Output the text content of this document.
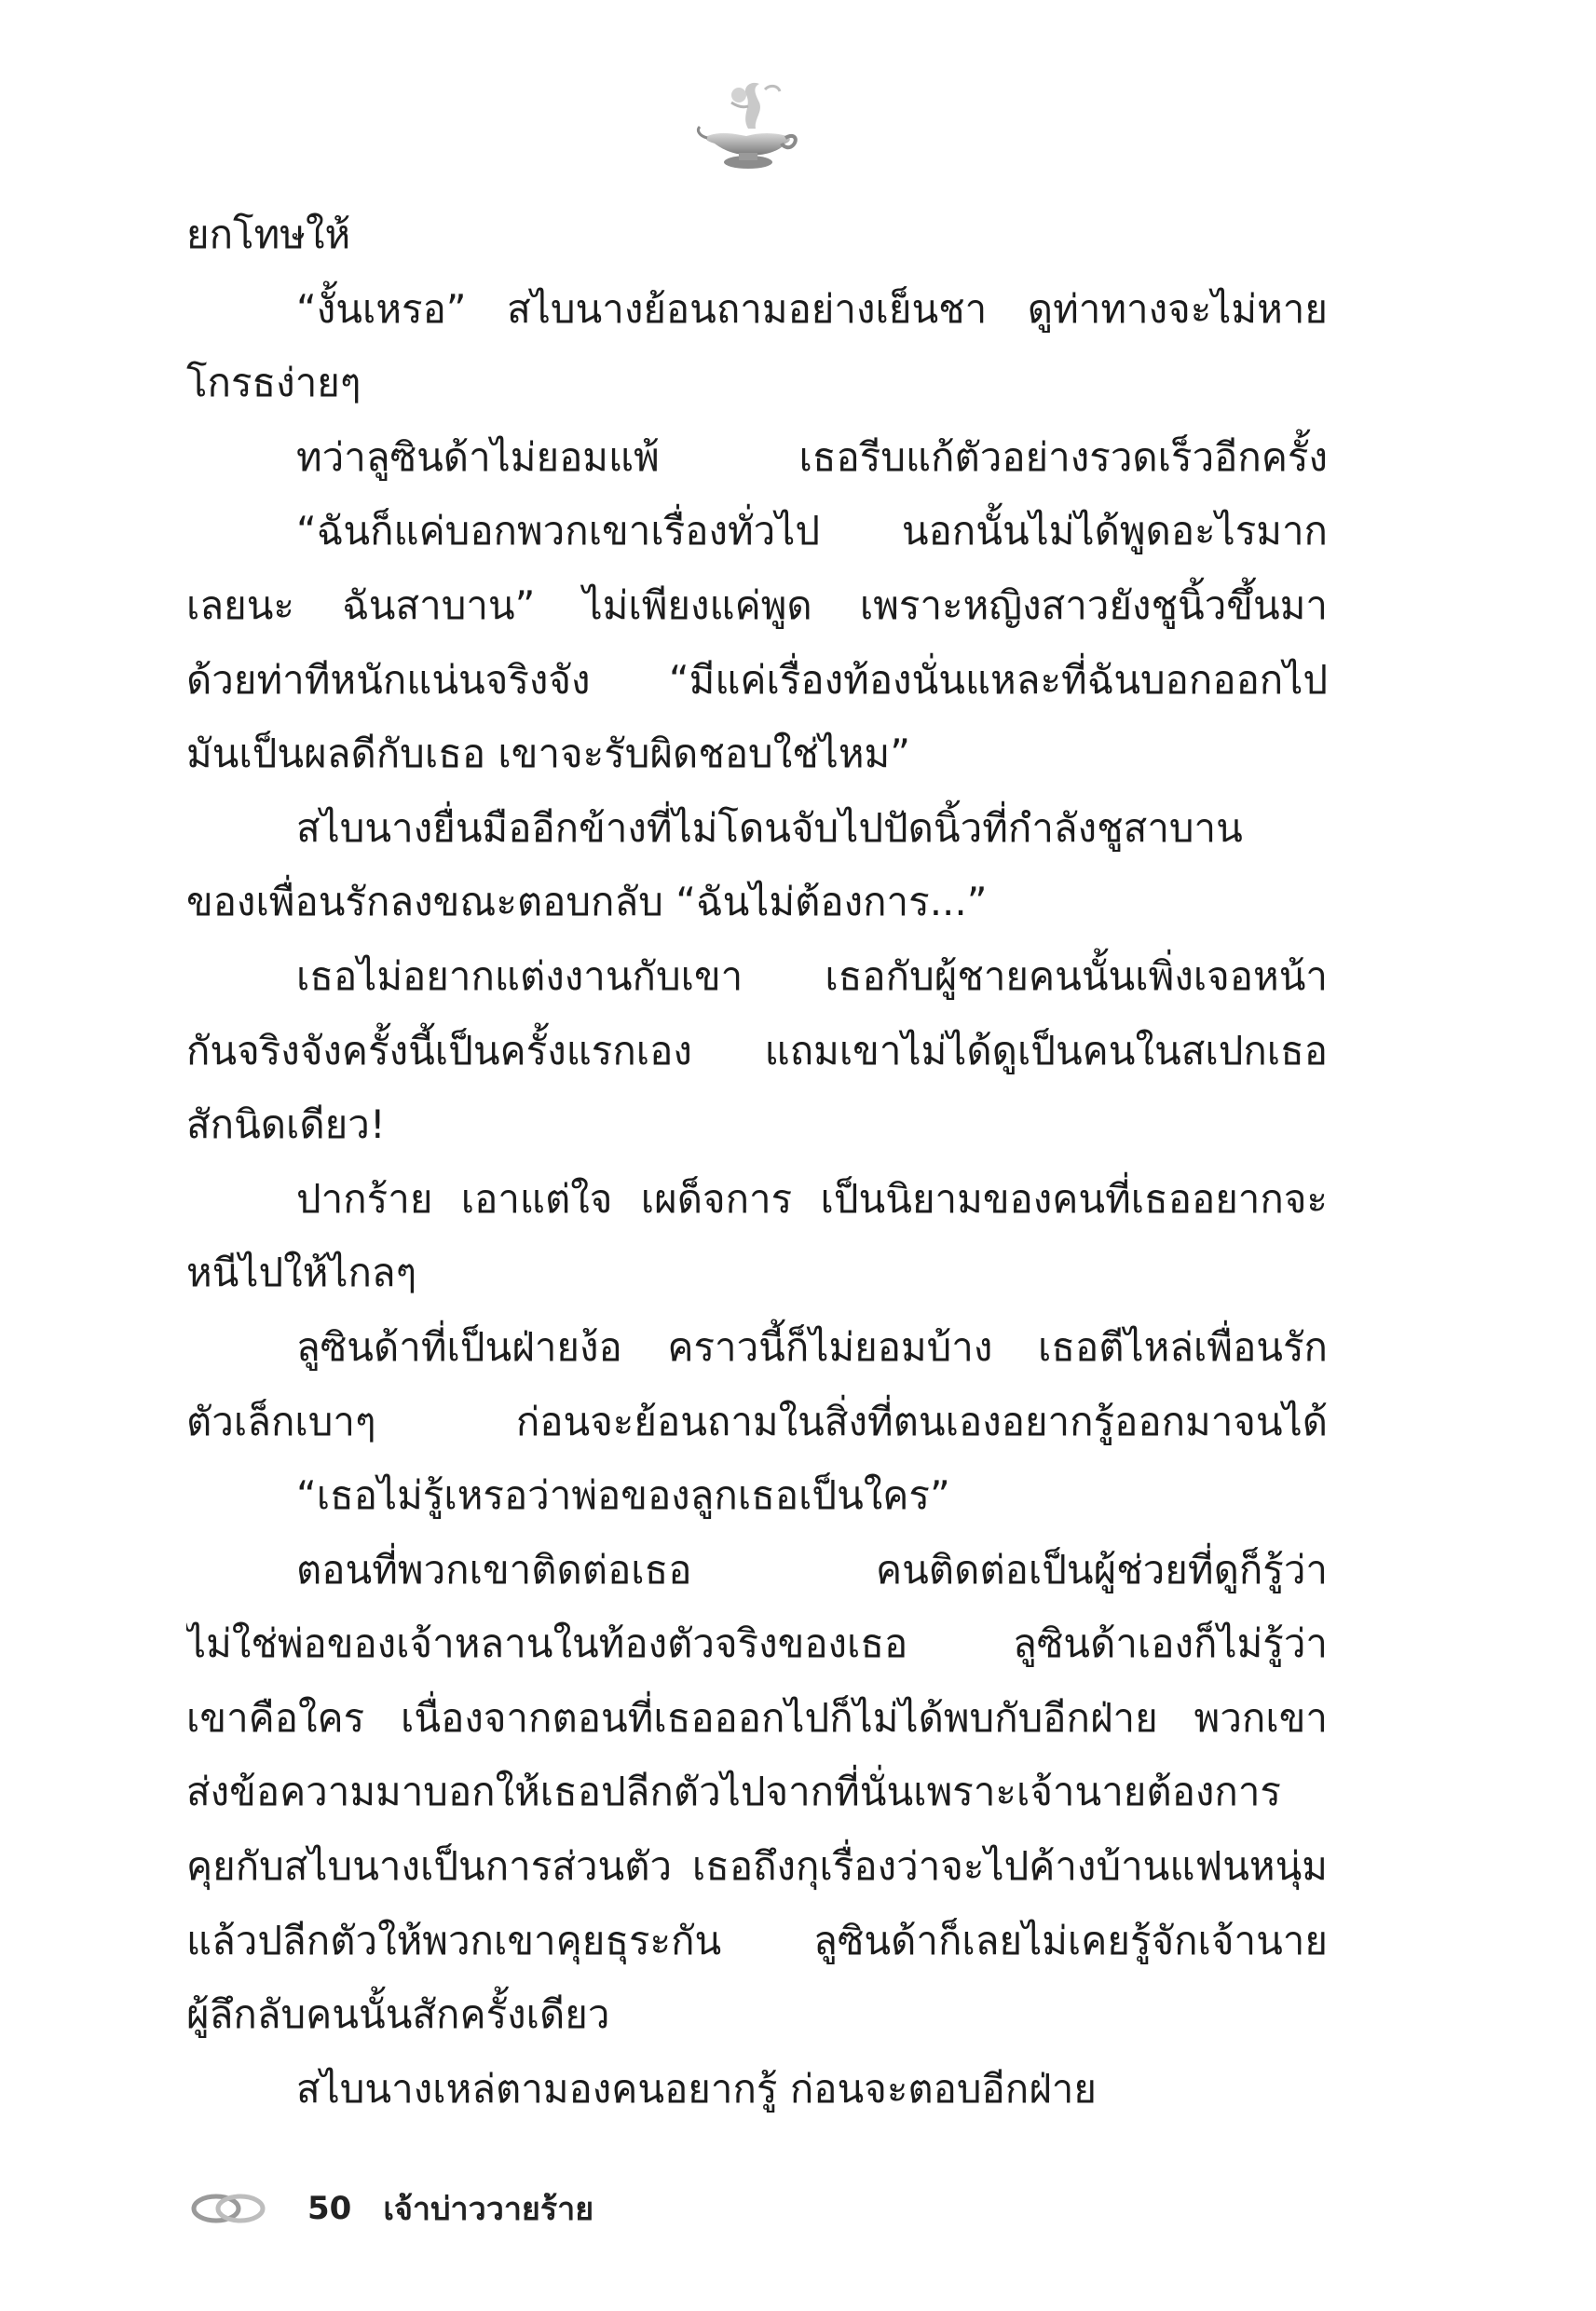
ยกโทษให้
“งั้นเหรอ” สไบนางย้อนถามอย่างเย็นชา ดูท่าทางจะไม่หาย
โกรธง่ายๆ
ทว่าลูซินด้าไม่ยอมแพ้ เธอรีบแก้ตัวอย่างรวดเร็วอีกครั้ง
“ฉันก็แค่บอกพวกเขาเรื่องทั่วไป นอกนั้นไม่ได้พูดอะไรมาก
เลยนะ ฉันสาบาน” ไม่เพียงแค่พูด เพราะหญิงสาวยังชูนิ้วขึ้นมา
ด้วยท่าทีหนักแน่นจริงจัง “มีแค่เรื่องท้องนั่นแหละที่ฉันบอกออกไป
มันเป็นผลดีกับเธอ เขาจะรับผิดชอบใช่ไหม”
สไบนางยื่นมืออีกข้างที่ไม่โดนจับไปปัดนิ้วที่กำลังชูสาบาน
ของเพื่อนรักลงขณะตอบกลับ “ฉันไม่ต้องการ...”
เธอไม่อยากแต่งงานกับเขา เธอกับผู้ชายคนนั้นเพิ่งเจอหน้า
กันจริงจังครั้งนี้เป็นครั้งแรกเอง แถมเขาไม่ได้ดูเป็นคนในสเปกเธอ
สักนิดเดียว!
ปากร้าย เอาแต่ใจ เผด็จการ เป็นนิยามของคนที่เธออยากจะ
หนีไปให้ไกลๆ
ลูซินด้าที่เป็นฝ่ายง้อ คราวนี้ก็ไม่ยอมบ้าง เธอตีไหล่เพื่อนรัก
ตัวเล็กเบาๆ ก่อนจะย้อนถามในสิ่งที่ตนเองอยากรู้ออกมาจนได้
“เธอไม่รู้เหรอว่าพ่อของลูกเธอเป็นใคร”
ตอนที่พวกเขาติดต่อเธอ คนติดต่อเป็นผู้ช่วยที่ดูก็รู้ว่า
ไม่ใช่พ่อของเจ้าหลานในท้องตัวจริงของเธอ ลูซินด้าเองก็ไม่รู้ว่า
เขาคือใคร เนื่องจากตอนที่เธอออกไปก็ไม่ได้พบกับอีกฝ่าย พวกเขา
ส่งข้อความมาบอกให้เธอปลีกตัวไปจากที่นั่นเพราะเจ้านายต้องการ
คุยกับสไบนางเป็นการส่วนตัว เธอถึงกุเรื่องว่าจะไปค้างบ้านแฟนหนุ่ม
แล้วปลีกตัวให้พวกเขาคุยธุระกัน ลูซินด้าก็เลยไม่เคยรู้จักเจ้านาย
ผู้ลึกลับคนนั้นสักครั้งเดียว
สไบนางเหล่ตามองคนอยากรู้ ก่อนจะตอบอีกฝ่าย
50 เจ้าบ่าววายร้าย
